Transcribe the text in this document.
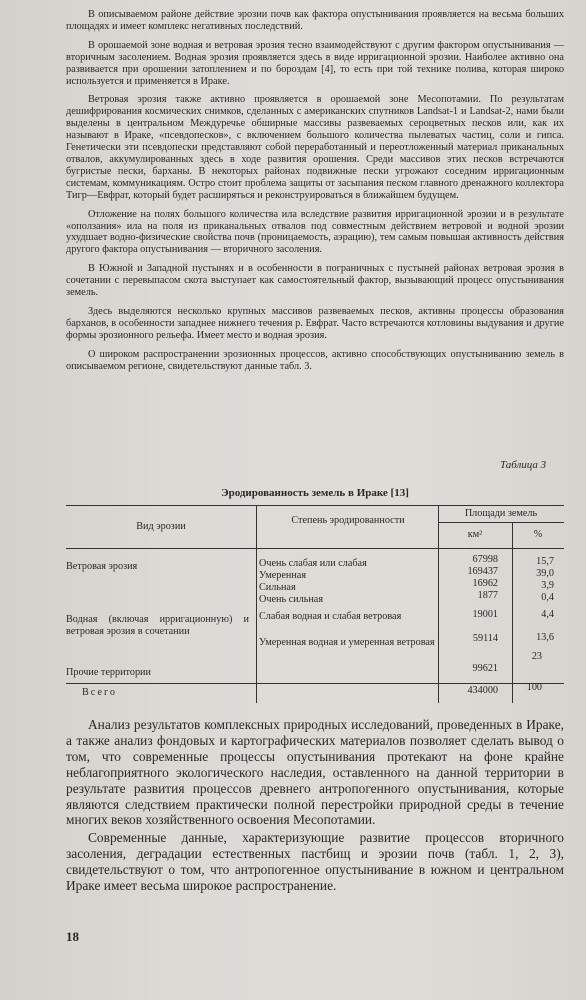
В описываемом районе действие эрозии почв как фактора опустынивания проявляется на весьма больших площадях и имеет комплекс негативных последствий.

В орошаемой зоне водная и ветровая эрозия тесно взаимодействуют с другим фактором опустынивания — вторичным засолением. Водная эрозия проявляется здесь в виде ирригационной эрозии. Наиболее активно она развивается при орошении затоплением и по бороздам [4], то есть при той технике полива, которая широко используется и применяется в Ираке.

Ветровая эрозия также активно проявляется в орошаемой зоне Месопотамии. По результатам дешифрирования космических снимков, сделанных с американских спутников Landsat-1 и Landsat-2, нами были выделены в центральном Междуречье обширные массивы развеваемых сероцветных песков или, как их называют в Ираке, «псевдопесков», с включением большого количества пылеватых частиц, соли и гипса. Генетически эти псевдопески представляют собой переработанный и переотложенный материал приканальных отвалов, аккумулированных здесь в ходе развития орошения. Среди массивов этих песков встречаются бугристые пески, барханы. В некоторых районах подвижные пески угрожают соседним ирригационным системам, коммуникациям. Остро стоит проблема защиты от засыпания песком главного дренажного коллектора Тигр—Евфрат, который будет расширяться и реконструироваться в ближайшем будущем.

Отложение на полях большого количества ила вследствие развития ирригационной эрозии и в результате «оползания» ила на поля из приканальных отвалов под совместным действием ветровой и водной эрозии ухудшает водно-физические свойства почв (проницаемость, аэрацию), тем самым повышая активность действия другого фактора опустынивания — вторичного засоления.

В Южной и Западной пустынях и в особенности в пограничных с пустыней районах ветровая эрозия в сочетании с перевыпасом скота выступает как самостоятельный фактор, вызывающий процесс опустынивания земель.

Здесь выделяются несколько крупных массивов развеваемых песков, активны процессы образования барханов, в особенности западнее нижнего течения р. Евфрат. Часто встречаются котловины выдувания и другие формы эрозионного рельефа. Имеет место и водная эрозия.

О широком распространении эрозионных процессов, активно способствующих опустыниванию земель в описываемом регионе, свидетельствуют данные табл. 3.

Таблица 3
Эродированность земель в Ираке [13]
Вид эрозии
Степень эродированности
Площади земель
км²	%
Ветровая эрозия
Водная (включая ирригационную) и ветровая эрозия в сочетании
Прочие территории
Всего
Очень слабая или слабая
Умеренная
Сильная
Очень сильная
Слабая водная и слабая ветровая
Умеренная водная и умеренная ветровая
67998
169437
16962
1877
19001
59114
99621
434000
15,7
39,0
3,9
0,4
4,4
13,6
23
100

Анализ результатов комплексных природных исследований, проведенных в Ираке, а также анализ фондовых и картографических материалов позволяет сделать вывод о том, что современные процессы опустынивания протекают на фоне крайне неблагоприятного экологического наследия, оставленного на данной территории в результате развития процессов древнего антропогенного опустынивания, которые являются следствием практически полной перестройки природной среды в течение многих веков хозяйственного освоения Месопотамии.

Современные данные, характеризующие развитие процессов вторичного засоления, деградации естественных пастбищ и эрозии почв (табл. 1, 2, 3), свидетельствуют о том, что антропогенное опустынивание в южном и центральном Ираке имеет весьма широкое распространение.

18
